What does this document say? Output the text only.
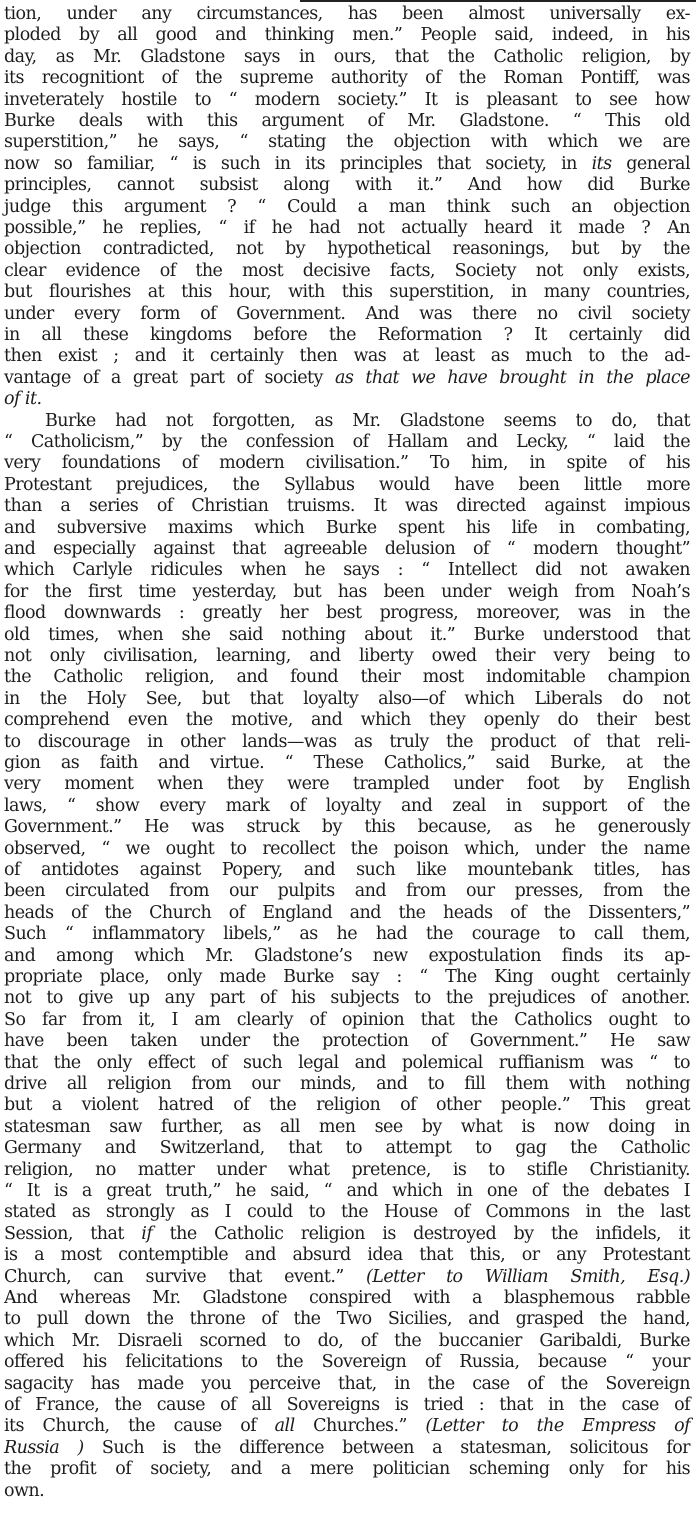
tion, under any circumstances, has been almost universally ex-
ploded by all good and thinking men.” People said, indeed, in his
day, as Mr. Gladstone says in ours, that the Catholic religion, by
its recognitiont of the supreme authority of the Roman Pontiff, was
inveterately hostile to “ modern society.” It is pleasant to see how
Burke deals with this argument of Mr. Gladstone. “ This old
superstition,” he says, “ stating the objection with which we are
now so familiar, “ is such in its principles that society, in its general
principles, cannot subsist along with it.” And how did Burke
judge this argument ? “ Could a man think such an objection
possible,” he replies, “ if he had not actually heard it made ? An
objection contradicted, not by hypothetical reasonings, but by the
clear evidence of the most decisive facts, Society not only exists,
but flourishes at this hour, with this superstition, in many countries,
under every form of Government. And was there no civil society
in all these kingdoms before the Reformation ? It certainly did
then exist ; and it certainly then was at least as much to the ad-
vantage of a great part of society as that we have brought in the place
of it.
Burke had not forgotten, as Mr. Gladstone seems to do, that
“ Catholicism,” by the confession of Hallam and Lecky, “ laid the
very foundations of modern civilisation.” To him, in spite of his
Protestant prejudices, the Syllabus would have been little more
than a series of Christian truisms. It was directed against impious
and subversive maxims which Burke spent his life in combating,
and especially against that agreeable delusion of “ modern thought”
which Carlyle ridicules when he says : “ Intellect did not awaken
for the first time yesterday, but has been under weigh from Noah’s
flood downwards : greatly her best progress, moreover, was in the
old times, when she said nothing about it.” Burke understood that
not only civilisation, learning, and liberty owed their very being to
the Catholic religion, and found their most indomitable champion
in the Holy See, but that loyalty also—of which Liberals do not
comprehend even the motive, and which they openly do their best
to discourage in other lands—was as truly the product of that reli-
gion as faith and virtue. “ These Catholics,” said Burke, at the
very moment when they were trampled under foot by English
laws, “ show every mark of loyalty and zeal in support of the
Government.” He was struck by this because, as he generously
observed, “ we ought to recollect the poison which, under the name
of antidotes against Popery, and such like mountebank titles, has
been circulated from our pulpits and from our presses, from the
heads of the Church of England and the heads of the Dissenters,”
Such “ inflammatory libels,” as he had the courage to call them,
and among which Mr. Gladstone’s new expostulation finds its ap-
propriate place, only made Burke say : “ The King ought certainly
not to give up any part of his subjects to the prejudices of another.
So far from it, I am clearly of opinion that the Catholics ought to
have been taken under the protection of Government.” He saw
that the only effect of such legal and polemical ruffianism was “ to
drive all religion from our minds, and to fill them with nothing
but a violent hatred of the religion of other people.” This great
statesman saw further, as all men see by what is now doing in
Germany and Switzerland, that to attempt to gag the Catholic
religion, no matter under what pretence, is to stifle Christianity.
“ It is a great truth,” he said, “ and which in one of the debates I
stated as strongly as I could to the House of Commons in the last
Session, that if the Catholic religion is destroyed by the infidels, it
is a most contemptible and absurd idea that this, or any Protestant
Church, can survive that event.” (Letter to William Smith, Esq.)
And whereas Mr. Gladstone conspired with a blasphemous rabble
to pull down the throne of the Two Sicilies, and grasped the hand,
which Mr. Disraeli scorned to do, of the buccanier Garibaldi, Burke
offered his felicitations to the Sovereign of Russia, because “ your
sagacity has made you perceive that, in the case of the Sovereign
of France, the cause of all Sovereigns is tried : that in the case of
its Church, the cause of all Churches.” (Letter to the Empress of
Russia ) Such is the difference between a statesman, solicitous for
the profit of society, and a mere politician scheming only for his
own.
